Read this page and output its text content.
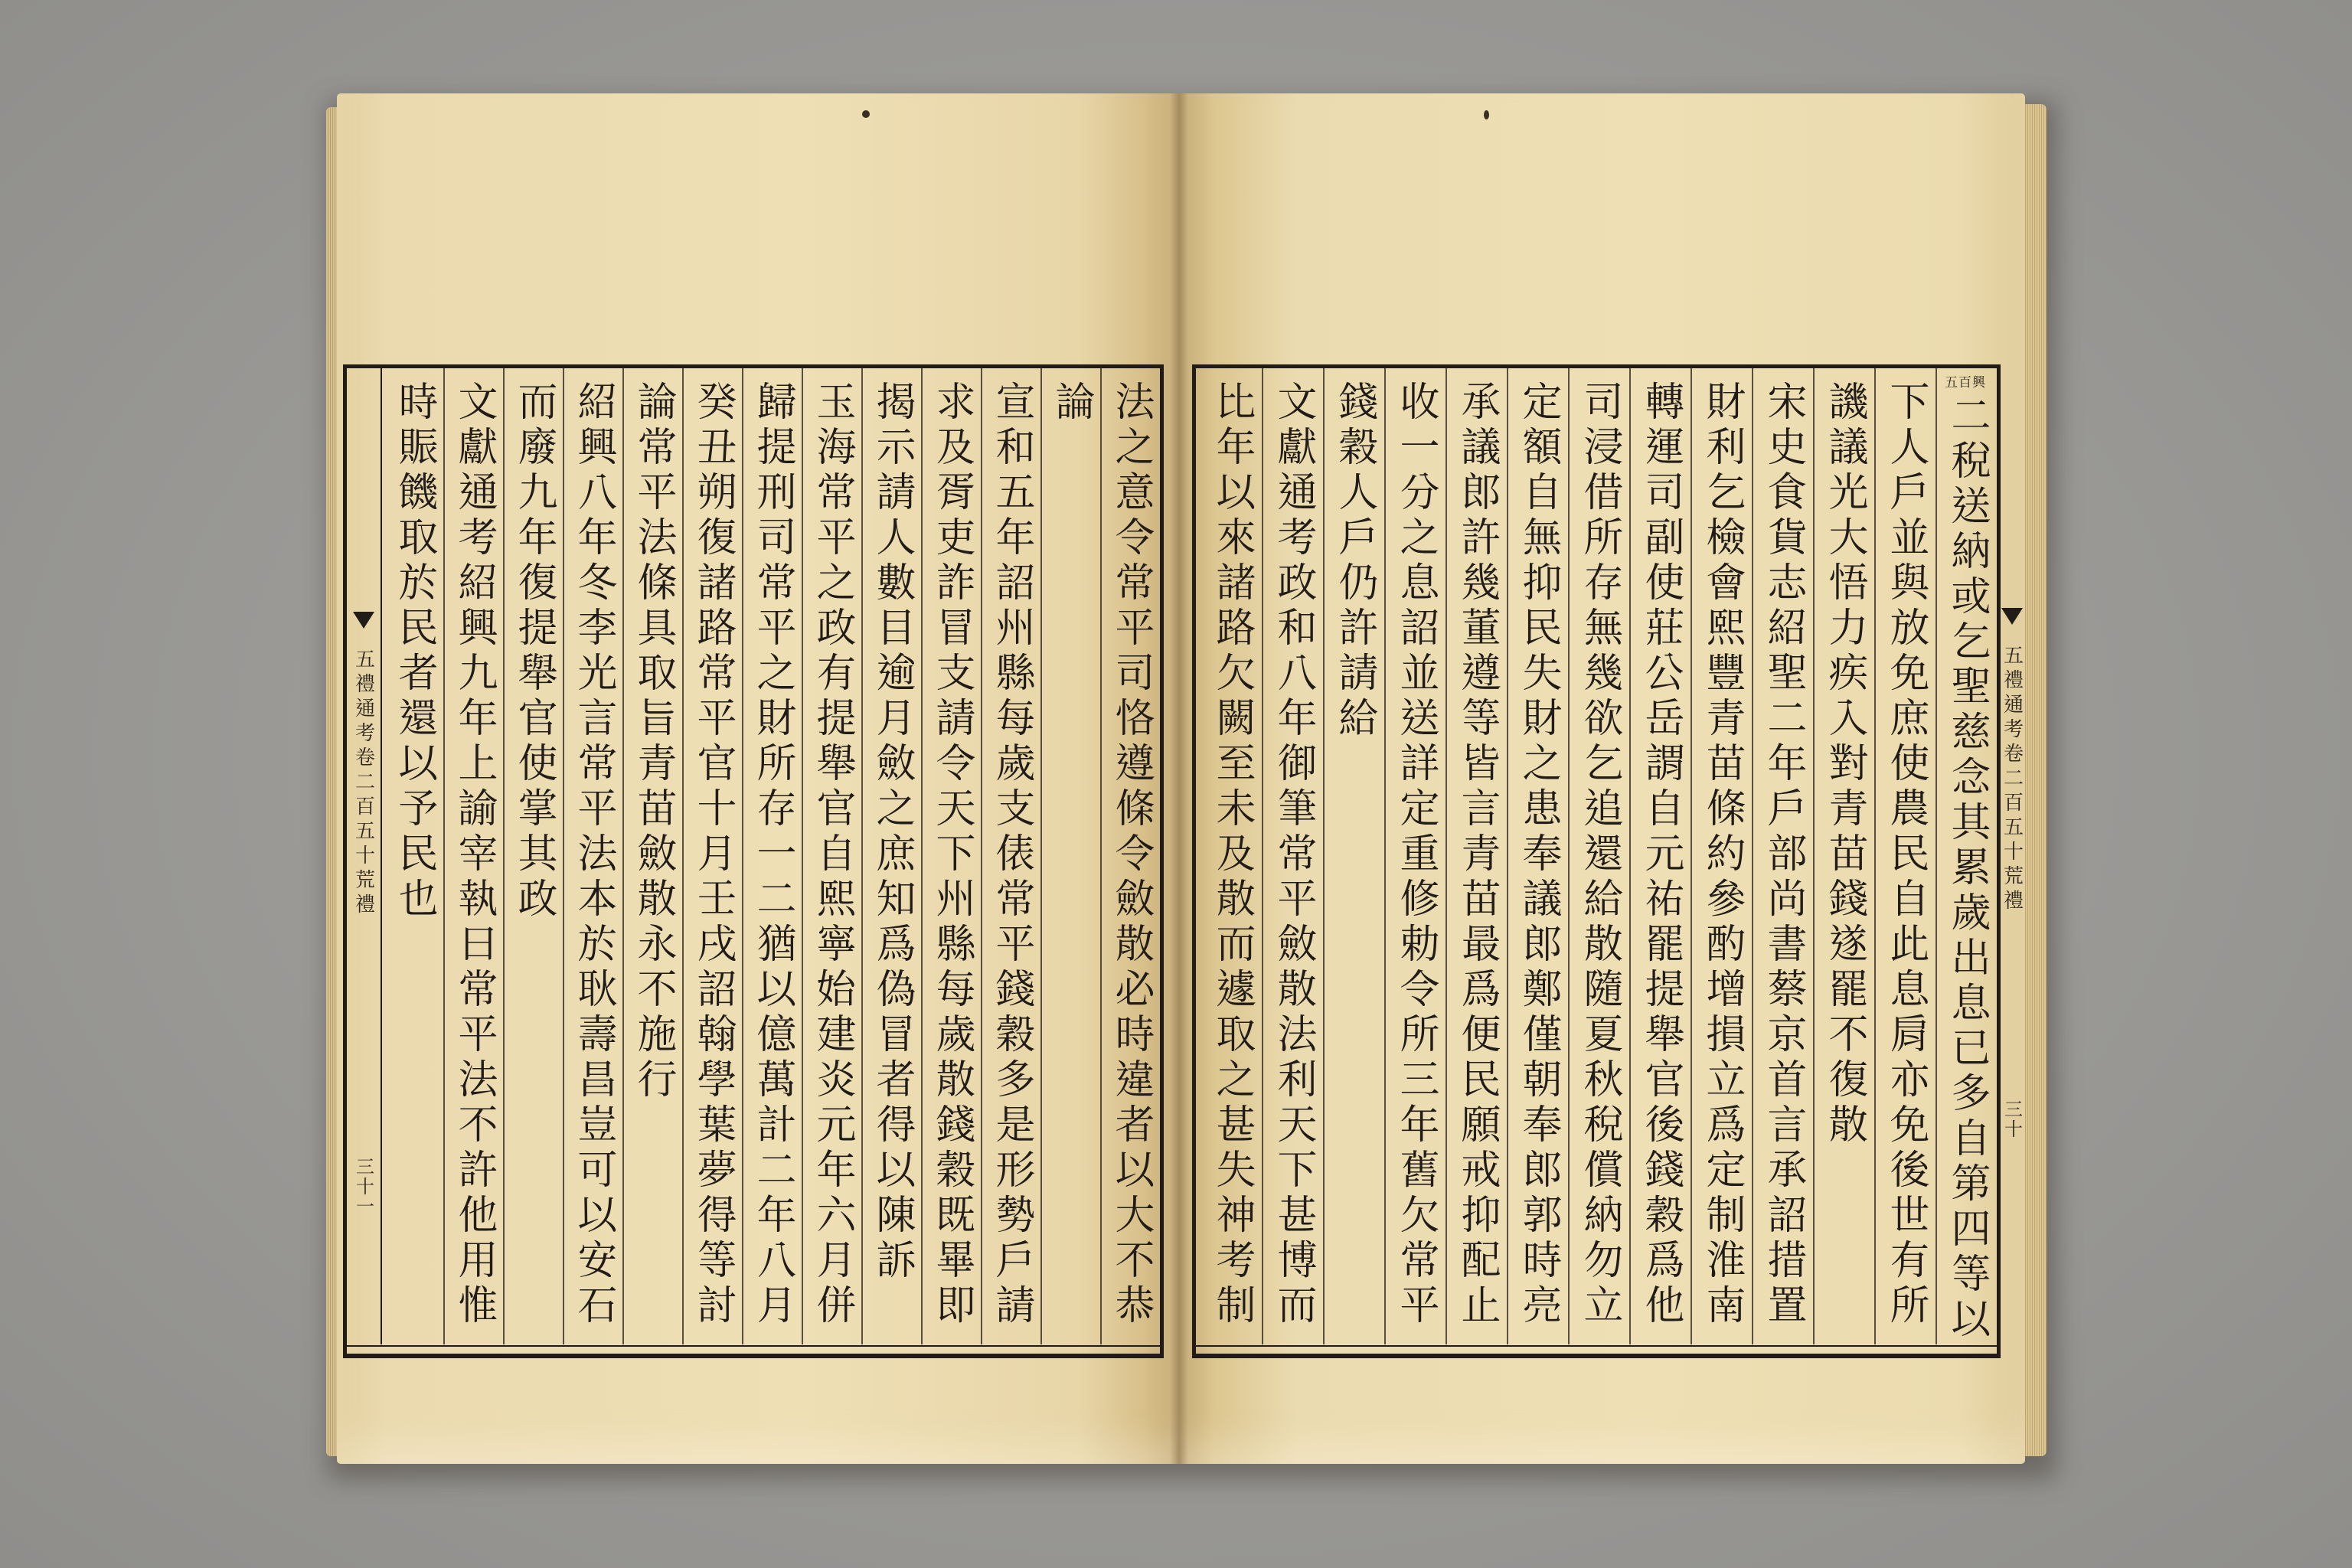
五禮通考卷二百五十荒禮
三十一	法之意令常平司恪遵條令斂散必時違者以大不恭
論
宣和五年詔州縣每歲支俵常平錢穀多是形勢戶請
求及胥吏詐冒支請令天下州縣每歲散錢穀既畢即
揭示請人數目逾月斂之庶知爲偽冒者得以陳訴
玉海常平之政有提舉官自熙寧始建炎元年六月併
歸提刑司常平之財所存一二猶以億萬計二年八月
癸丑朔復諸路常平官十月壬戌詔翰學葉夢得等討
論常平法條具取旨青苗斂散永不施行
紹興八年冬李光言常平法本於耿壽昌豈可以安石
而廢九年復提舉官使掌其政
文獻通考紹興九年上諭宰執曰常平法不許他用惟
時賑饑取於民者還以予民也	五百興
二稅送納或乞聖慈念其累歲出息已多自第四等以
下人戶並與放免庶使農民自此息肩亦免後世有所
譏議光大悟力疾入對青苗錢遂罷不復散
宋史食貨志紹聖二年戶部尚書蔡京首言承詔措置
財利乞檢會熙豐青苗條約參酌增損立爲定制淮南
轉運司副使莊公岳謂自元祐罷提舉官後錢穀爲他
司浸借所存無幾欲乞追還給散隨夏秋稅償納勿立
定額自無抑民失財之患奉議郎鄭僅朝奉郎郭時亮
承議郎許幾董遵等皆言青苗最爲便民願戒抑配止
收一分之息詔並送詳定重修勅令所三年舊欠常平
錢穀人戶仍許請給
文獻通考政和八年御筆常平斂散法利天下甚博而
比年以來諸路欠闕至未及散而遽取之甚失神考制	五禮通考卷二百五十荒禮
三十
